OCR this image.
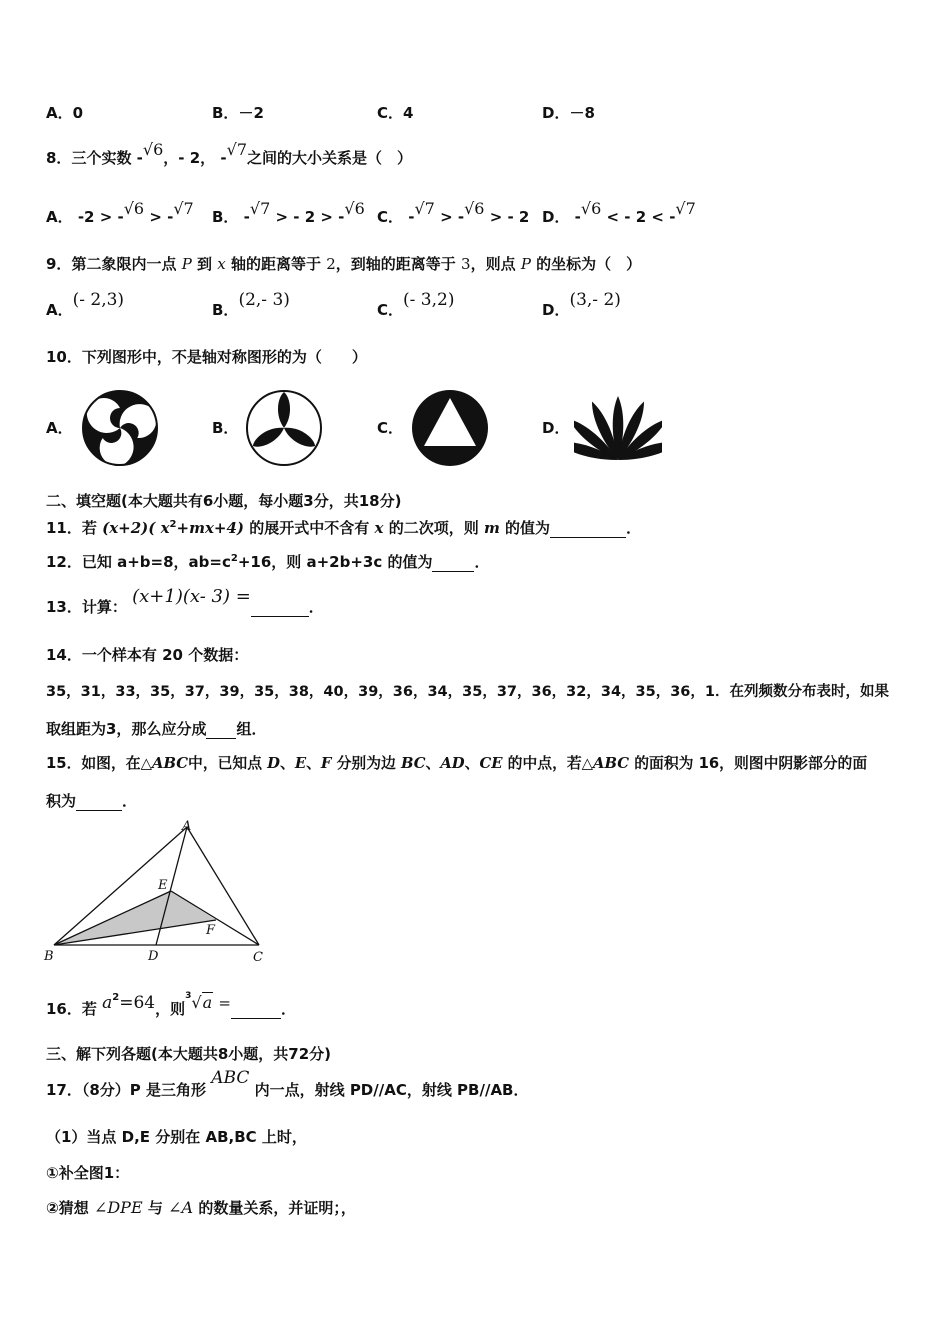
A．0	B．－2	C．4	D．－8
8．三个实数 -√6，- 2， -√7之间的大小关系是（　）
A． -2 > -√6 > -√7 B． -√7 > - 2 > -√6 C． -√7 > -√6 > - 2 D． -√6 < - 2 < -√7
9．第二象限内一点 P 到 x 轴的距离等于 2，到轴的距离等于 3，则点 P 的坐标为（　）
A．(- 2,3)	B．(2,- 3)	C．(- 3,2)	D．(3,- 2)
10．下列图形中，不是轴对称图形的为（　　）
A．	B．	C．	D．
二、填空题(本大题共有6小题，每小题3分，共18分)
11．若 (x+2)( $x^2+mx+4$) 的展开式中不含有 x 的二次项，则 m 的值为	．
12．已知 a+b=8，$ab=c^2+16$，则 a+2b+3c 的值为	．
13．计算： (x+1)(x- 3) =	．
14．一个样本有 20 个数据：
35，31，33，35，37，39，35，38，40，39，36，34，35，37，36，32，34，35，36，1．在列频数分布表时，如果
取组距为3，那么应分成 组．
15．如图，在△ABC中，已知点 D、E、F 分别为边 BC、AD、CE 的中点，若△ABC 的面积为 16，则图中阴影部分的面
积为	．
A
B	C
D
E
F
16．若 $a^2=64$，则$^3$√a =	．
三、解下列各题(本大题共8小题，共72分)
17．（8分）P 是三角形 ABC 内一点，射线 PD//AC，射线 PB//AB．
（1）当点 D,E 分别在 AB,BC 上时，
①补全图1：
②猜想 ∠DPE 与 ∠A 的数量关系，并证明；，
